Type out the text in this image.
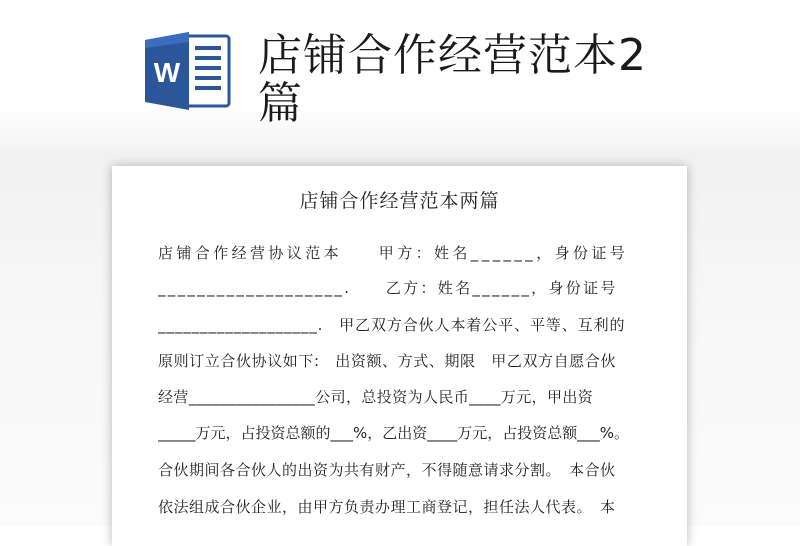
W 店铺合作经营范本2篇
店铺合作经营范本两篇
店铺合作经营协议范本　　甲方：姓名______，身份证号
___________________.　　乙方：姓名______，身份证号
___________________.　甲乙双方合伙人本着公平、平等、互利的
原则订立合伙协议如下:　出资额、方式、期限　甲乙双方自愿合伙
经营________________公司，总投资为人民币____万元，甲出资
_____万元，占投资总额的___%，乙出资____万元，占投资总额___%。
合伙期间各合伙人的出资为共有财产，不得随意请求分割。　本合伙
依法组成合伙企业，由甲方负责办理工商登记，担任法人代表。　本
